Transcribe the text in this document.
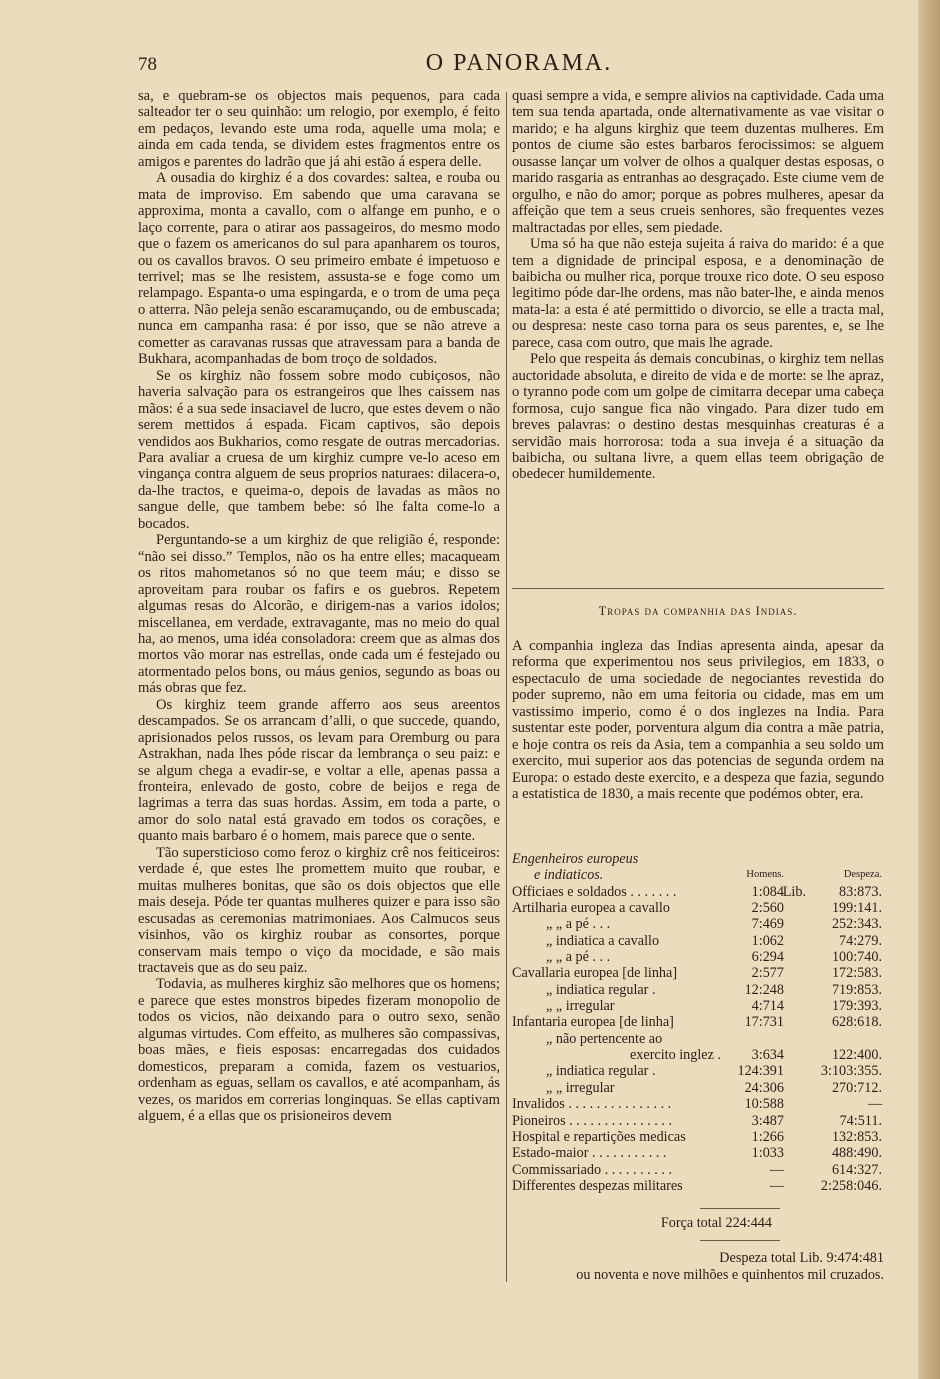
78	O PANORAMA.

sa, e quebram-se os objectos mais pequenos, para cada salteador ter o seu quinhão: um relogio, por exemplo, é feito em pedaços, levando este uma roda, aquelle uma mola; e ainda em cada tenda, se dividem estes fragmentos entre os amigos e parentes do ladrão que já ahi estão á espera delle.

A ousadia do kirghiz é a dos covardes: saltea, e rouba ou mata de improviso. Em sabendo que uma caravana se approxima, monta a cavallo, com o alfange em punho, e o laço corrente, para o atirar aos passageiros, do mesmo modo que o fazem os americanos do sul para apanharem os touros, ou os cavallos bravos. O seu primeiro embate é impetuoso e terrivel; mas se lhe resistem, assusta-se e foge como um relampago. Espanta-o uma espingarda, e o trom de uma peça o atterra. Não peleja senão escaramuçando, ou de embuscada; nunca em campanha rasa: é por isso, que se não atreve a cometter as caravanas russas que atravessam para a banda de Bukhara, acompanhadas de bom troço de soldados.

Se os kirghiz não fossem sobre modo cubiçosos, não haveria salvação para os estrangeiros que lhes caissem nas mãos: é a sua sede insaciavel de lucro, que estes devem o não serem mettidos á espada. Ficam captivos, são depois vendidos aos Bukharios, como resgate de outras mercadorias. Para avaliar a cruesa de um kirghiz cumpre ve-lo aceso em vingança contra alguem de seus proprios naturaes: dilacera-o, da-lhe tractos, e queima-o, depois de lavadas as mãos no sangue delle, que tambem bebe: só lhe falta come-lo a bocados.

Perguntando-se a um kirghiz de que religião é, responde: “não sei disso.” Templos, não os ha entre elles; macaqueam os ritos mahometanos só no que teem máu; e disso se aproveitam para roubar os fafirs e os guebros. Repetem algumas resas do Alcorão, e dirigem-nas a varios idolos; miscellanea, em verdade, extravagante, mas no meio do qual ha, ao menos, uma idéa consoladora: creem que as almas dos mortos vão morar nas estrellas, onde cada um é festejado ou atormentado pelos bons, ou máus genios, segundo as boas ou más obras que fez.

Os kirghiz teem grande afferro aos seus areentos descampados. Se os arrancam d’alli, o que succede, quando, aprisionados pelos russos, os levam para Oremburg ou para Astrakhan, nada lhes póde riscar da lembrança o seu paiz: e se algum chega a evadir-se, e voltar a elle, apenas passa a fronteira, enlevado de gosto, cobre de beijos e rega de lagrimas a terra das suas hordas. Assim, em toda a parte, o amor do solo natal está gravado em todos os corações, e quanto mais barbaro é o homem, mais parece que o sente.

Tão supersticioso como feroz o kirghiz crê nos feiticeiros: verdade é, que estes lhe promettem muito que roubar, e muitas mulheres bonitas, que são os dois objectos que elle mais deseja. Póde ter quantas mulheres quizer e para isso são escusadas as ceremonias matrimoniaes. Aos Calmucos seus visinhos, vão os kirghiz roubar as consortes, porque conservam mais tempo o viço da mocidade, e são mais tractaveis que as do seu paiz.

Todavia, as mulheres kirghiz são melhores que os homens; e parece que estes monstros bipedes fizeram monopolio de todos os vicios, não deixando para o outro sexo, senão algumas virtudes. Com effeito, as mulheres são compassivas, boas mães, e fieis esposas: encarregadas dos cuidados domesticos, preparam a comida, fazem os vestuarios, ordenham as eguas, sellam os cavallos, e até acompanham, ás vezes, os maridos em correrias longinquas. Se ellas captivam alguem, é a ellas que os prisioneiros devem

quasi sempre a vida, e sempre alivios na captividade. Cada uma tem sua tenda apartada, onde alternativamente as vae visitar o marido; e ha alguns kirghiz que teem duzentas mulheres. Em pontos de ciume são estes barbaros ferocissimos: se alguem ousasse lançar um volver de olhos a qualquer destas esposas, o marido rasgaria as entranhas ao desgraçado. Este ciume vem de orgulho, e não do amor; porque as pobres mulheres, apesar da affeição que tem a seus crueis senhores, são frequentes vezes maltractadas por elles, sem piedade.

Uma só ha que não esteja sujeita á raiva do marido: é a que tem a dignidade de principal esposa, e a denominação de baibicha ou mulher rica, porque trouxe rico dote. O seu esposo legitimo póde dar-lhe ordens, mas não bater-lhe, e ainda menos mata-la: a esta é até permittido o divorcio, se elle a tracta mal, ou despresa: neste caso torna para os seus parentes, e, se lhe parece, casa com outro, que mais lhe agrade.

Pelo que respeita ás demais concubinas, o kirghiz tem nellas auctoridade absoluta, e direito de vida e de morte: se lhe apraz, o tyranno pode com um golpe de cimitarra decepar uma cabeça formosa, cujo sangue fica não vingado. Para dizer tudo em breves palavras: o destino destas mesquinhas creaturas é a servidão mais horrorosa: toda a sua inveja é a situação da baibicha, ou sultana livre, a quem ellas teem obrigação de obedecer humildemente.

Tropas da companhia das Indias.

A companhia ingleza das Indias apresenta ainda, apesar da reforma que experimentou nos seus privilegios, em 1833, o espectaculo de uma sociedade de negociantes revestida do poder supremo, não em uma feitoria ou cidade, mas em um vastissimo imperio, como é o dos inglezes na India. Para sustentar este poder, porventura algum dia contra a mãe patria, e hoje contra os reis da Asia, tem a companhia a seu soldo um exercito, mui superior aos das potencias de segunda ordem na Europa: o estado deste exercito, e a despeza que fazia, segundo a estatistica de 1830, a mais recente que podémos obter, era.

Engenheiros europeus
e indiaticos.	Homens.	Despeza.
Officiaes e soldados . . . . . . .	1:084	83:873.
Lib.
Artilharia europea a cavallo	2:560	199:141.
„ „ a pé . . .	7:469	252:343.
„ indiatica a cavallo	1:062	74:279.
„ „ a pé . . .	6:294	100:740.
Cavallaria europea [de linha]	2:577	172:583.
„ indiatica regular .	12:248	719:853.
„ „ irregular	4:714	179:393.
Infantaria europea [de linha]	17:731	628:618.
„ não pertencente ao
exercito inglez . 3:634	122:400.
„ indiatica regular .	124:391	3:103:355.
„ „ irregular	24:306	270:712.
Invalidos . . . . . . . . . . . . . . .	10:588	—
Pioneiros . . . . . . . . . . . . . . .	3:487	74:511.
Hospital e repartições medicas	1:266	132:853.
Estado-maior . . . . . . . . . . .	1:033	488:490.
Commissariado . . . . . . . . . .	—	614:327.
Differentes despezas militares	—	2:258:046.
Força total 224:444
Despeza total Lib. 9:474:481
ou noventa e nove milhões e quinhentos mil cruzados.
